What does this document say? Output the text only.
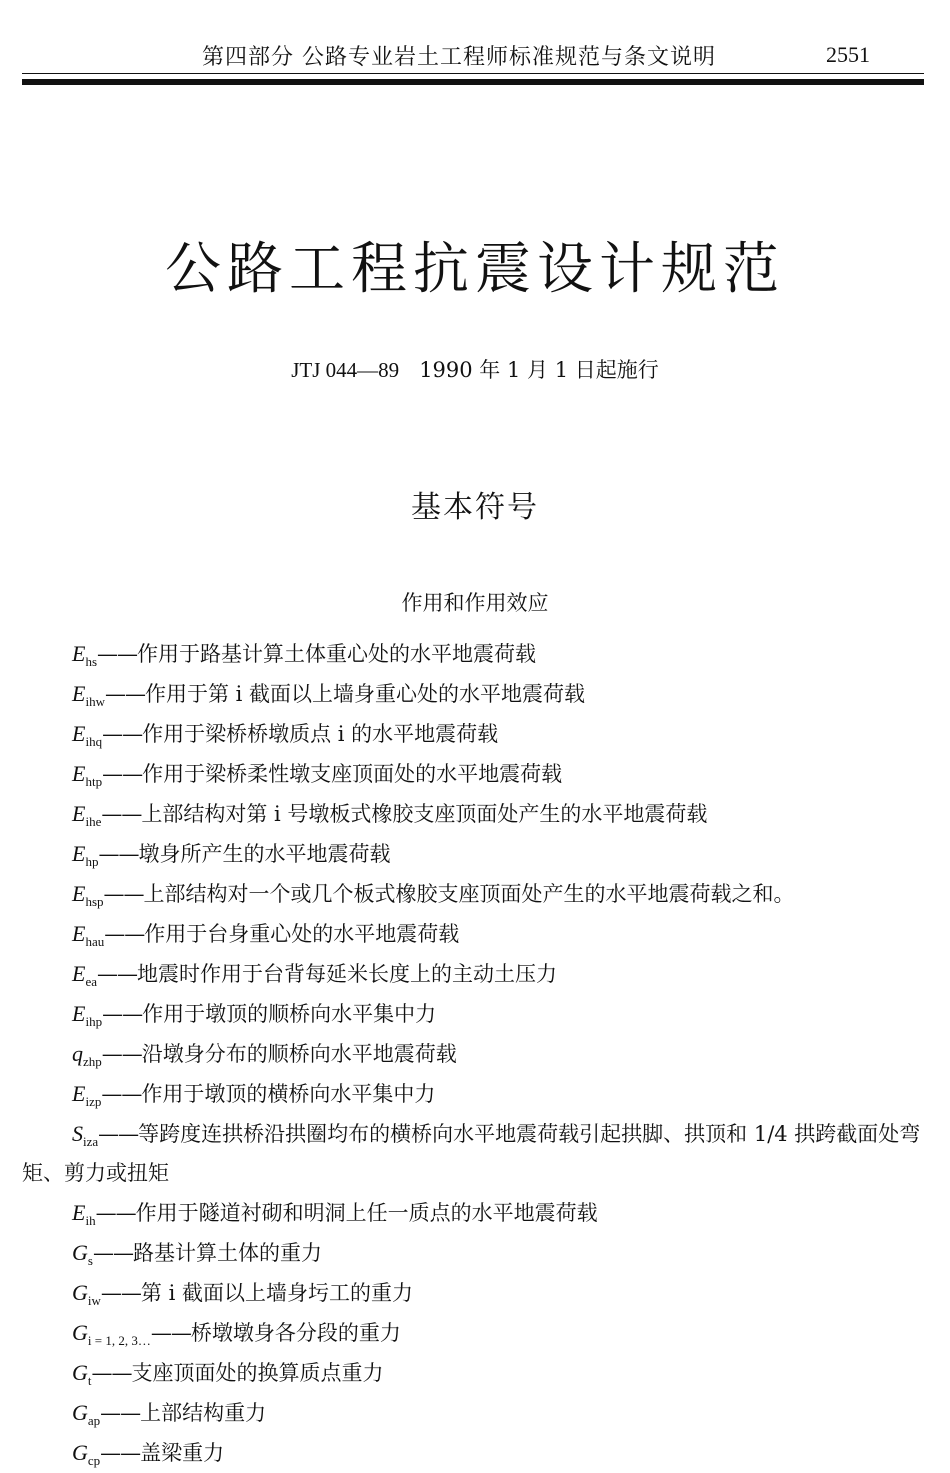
第四部分 公路专业岩土工程师标准规范与条文说明	2551
公路工程抗震设计规范
JTJ 044—89 1990 年 1 月 1 日起施行
基本符号
作用和作用效应
$E_{hs}——$作用于路基计算土体重心处的水平地震荷载
$E_{ihw}——$作用于第 i 截面以上墙身重心处的水平地震荷载
$E_{ihq}——$作用于梁桥桥墩质点 i 的水平地震荷载
$E_{htp}——$作用于梁桥柔性墩支座顶面处的水平地震荷载
$E_{ihe}——$上部结构对第 i 号墩板式橡胶支座顶面处产生的水平地震荷载
$E_{hp}——$墩身所产生的水平地震荷载
$E_{hsp}——$上部结构对一个或几个板式橡胶支座顶面处产生的水平地震荷载之和。
$E_{hau}——$作用于台身重心处的水平地震荷载
$E_{ea}——$地震时作用于台背每延米长度上的主动土压力
$E_{ihp}——$作用于墩顶的顺桥向水平集中力
$q_{zhp}——$沿墩身分布的顺桥向水平地震荷载
$E_{izp}——$作用于墩顶的横桥向水平集中力
$S_{iza}——$等跨度连拱桥沿拱圈均布的横桥向水平地震荷载引起拱脚、拱顶和 1/4 拱跨截面处弯矩、剪力或扭矩
$E_{ih}——$作用于隧道衬砌和明洞上任一质点的水平地震荷载
$G_s——$路基计算土体的重力
$G_{iw}——$第 i 截面以上墙身圬工的重力
$G_{i = 1, 2, 3\dots}——$桥墩墩身各分段的重力
$G_t——$支座顶面处的换算质点重力
$G_{ap}——$上部结构重力
$G_{cp}——$盖梁重力
